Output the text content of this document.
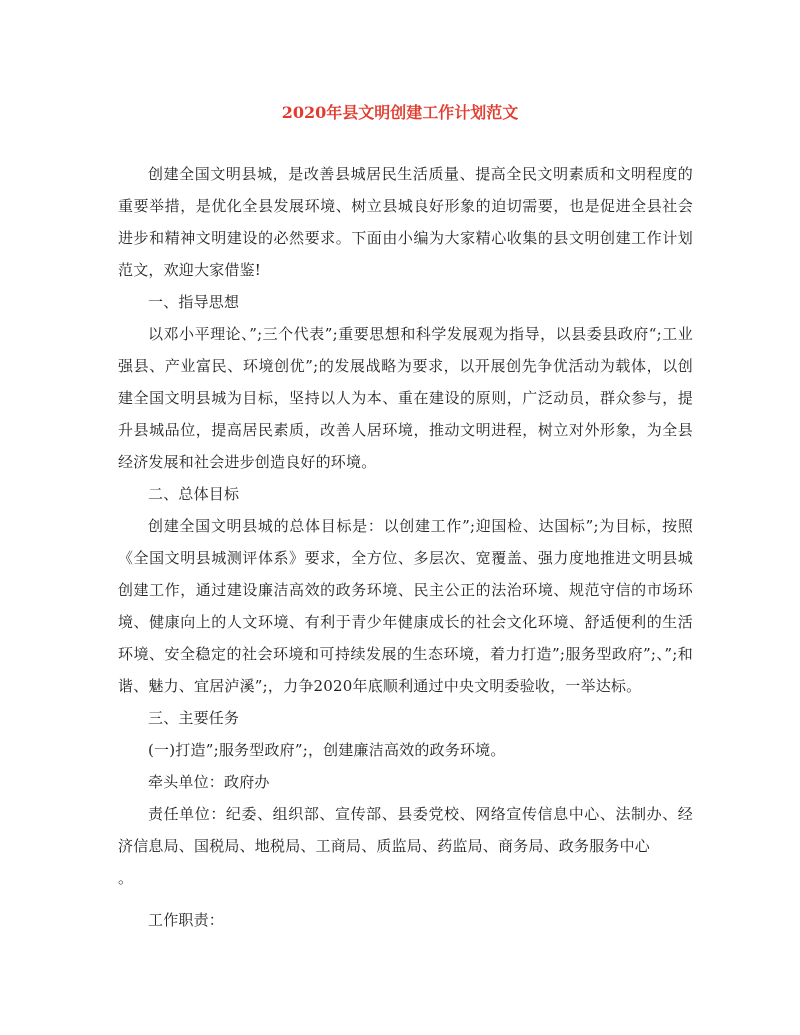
2020年县文明创建工作计划范文

创建全国文明县城，是改善县城居民生活质量、提高全民文明素质和文明程度的重要举措，是优化全县发展环境、树立县城良好形象的迫切需要，也是促进全县社会进步和精神文明建设的必然要求。下面由小编为大家精心收集的县文明创建工作计划范文，欢迎大家借鉴!

一、指导思想

以邓小平理论、”;三个代表”;重要思想和科学发展观为指导，以县委县政府“;工业强县、产业富民、环境创优”;的发展战略为要求，以开展创先争优活动为载体，以创建全国文明县城为目标，坚持以人为本、重在建设的原则，广泛动员，群众参与，提升县城品位，提高居民素质，改善人居环境，推动文明进程，树立对外形象，为全县经济发展和社会进步创造良好的环境。

二、总体目标

创建全国文明县城的总体目标是：以创建工作”;迎国检、达国标”;为目标，按照《全国文明县城测评体系》要求，全方位、多层次、宽覆盖、强力度地推进文明县城创建工作，通过建设廉洁高效的政务环境、民主公正的法治环境、规范守信的市场环境、健康向上的人文环境、有利于青少年健康成长的社会文化环境、舒适便利的生活环境、安全稳定的社会环境和可持续发展的生态环境，着力打造”;服务型政府”;、”;和谐、魅力、宜居泸溪”;，力争2020年底顺利通过中央文明委验收，一举达标。

三、主要任务

(一)打造”;服务型政府”;，创建廉洁高效的政务环境。

牵头单位：政府办

责任单位：纪委、组织部、宣传部、县委党校、网络宣传信息中心、法制办、经济信息局、国税局、地税局、工商局、质监局、药监局、商务局、政务服务中心

。

工作职责：
